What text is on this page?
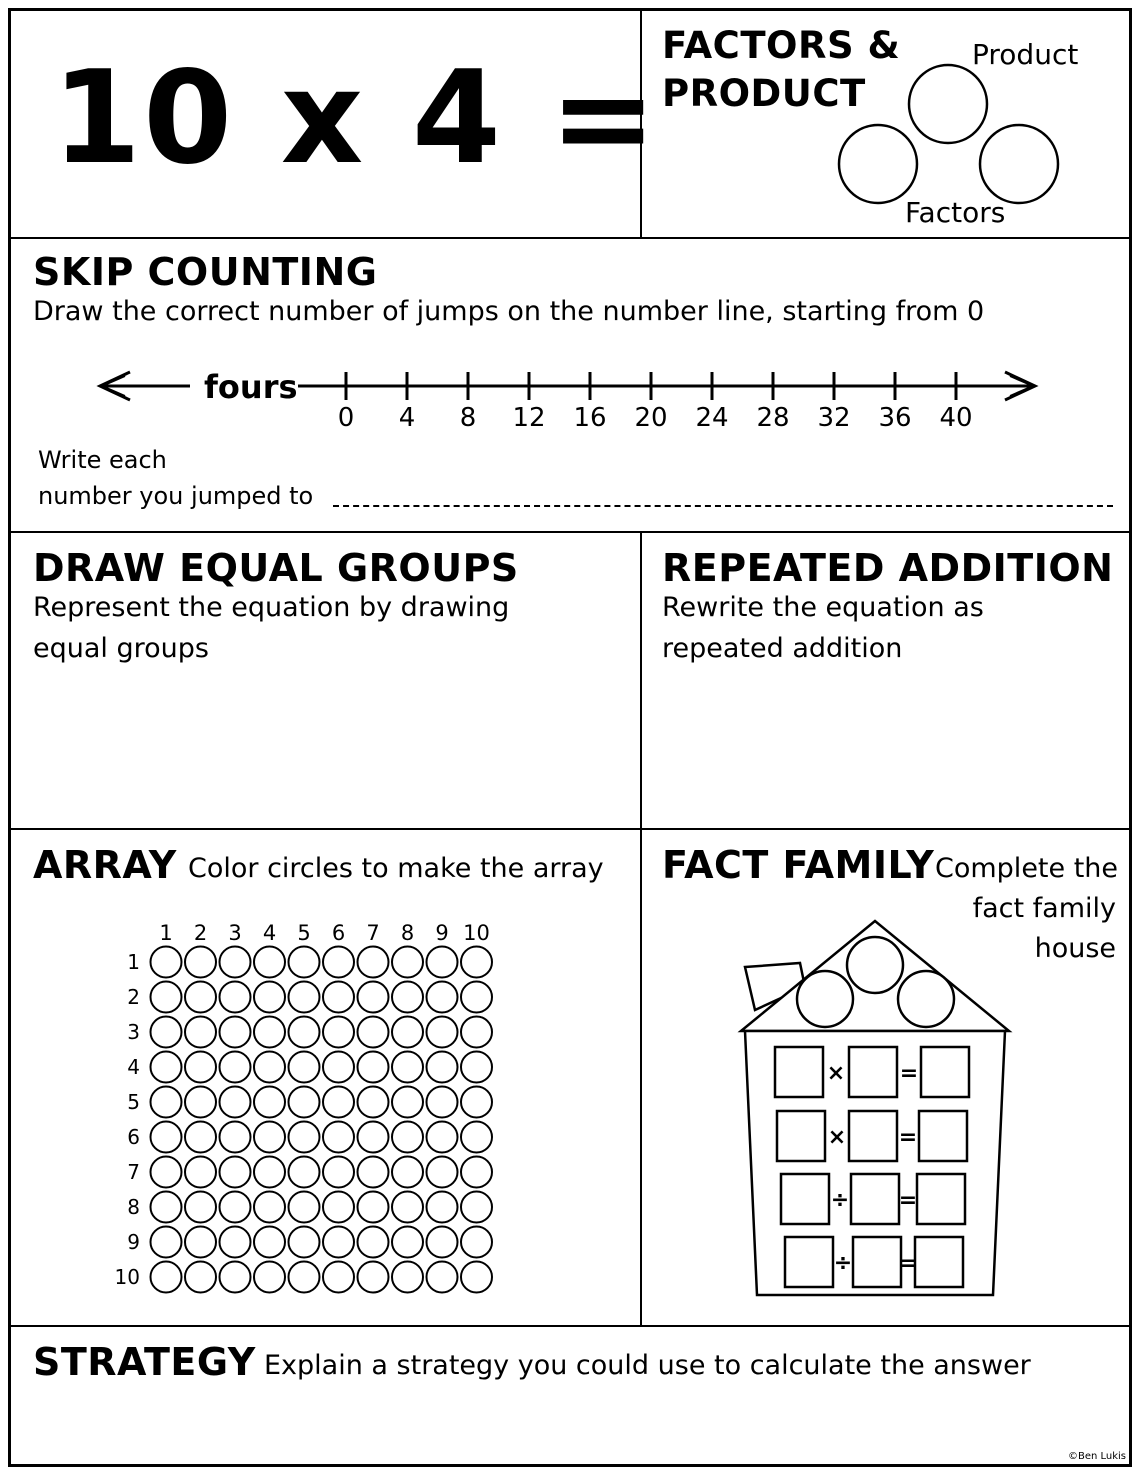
10 x 4 = FACTORS &
PRODUCT
Product
Factors
SKIP COUNTING
Draw the correct number of jumps on the number line, starting from 0
fours
0 4 8 12 16 20 24 28 32 36 40
Write each
number you jumped to
DRAW EQUAL GROUPS
Represent the equation by drawing
equal groups
REPEATED ADDITION
Rewrite the equation as
repeated addition
ARRAY Color circles to make the array
1 2 3 4 5 6 7 8 9 10
1
2
3
4
5
6
7
8
9
10
FACT FAMILY Complete the
fact family
house
× =
× =
÷ =
÷ =
STRATEGY Explain a strategy you could use to calculate the answer
©Ben Lukis
